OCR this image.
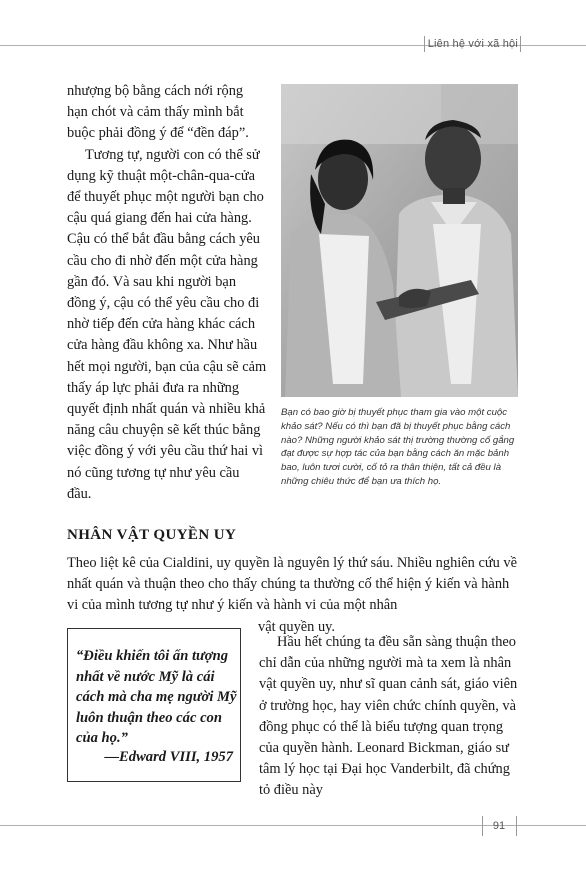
Liên hệ với xã hội

nhượng bộ bằng cách nới rộng hạn chót và cảm thấy mình bắt buộc phải đồng ý để “đền đáp”.

Tương tự, người con có thể sử dụng kỹ thuật một-chân-qua-cửa để thuyết phục một người bạn cho cậu quá giang đến hai cửa hàng. Cậu có thể bắt đầu bằng cách yêu cầu cho đi nhờ đến một cửa hàng gần đó. Và sau khi người bạn đồng ý, cậu có thể yêu cầu cho đi nhờ tiếp đến cửa hàng khác cách cửa hàng đầu không xa. Như hầu hết mọi người, bạn của cậu sẽ cảm thấy áp lực phải đưa ra những quyết định nhất quán và nhiều khả năng câu chuyện sẽ kết thúc bằng việc đồng ý với yêu cầu thứ hai vì nó cũng tương tự như yêu cầu đầu.

Bạn có bao giờ bị thuyết phục tham gia vào một cuộc khảo sát? Nếu có thì bạn đã bị thuyết phục bằng cách nào? Những người khảo sát thị trường thường cố gắng đạt được sự hợp tác của bạn bằng cách ăn mặc bảnh bao, luôn tươi cười, cố tỏ ra thân thiện, tất cả đều là những chiêu thức để bạn ưa thích họ.

NHÂN VẬT QUYỀN UY

Theo liệt kê của Cialdini, uy quyền là nguyên lý thứ sáu. Nhiều nghiên cứu về nhất quán và thuận theo cho thấy chúng ta thường cố thể hiện ý kiến và hành vi của mình tương tự như ý kiến và hành vi của một nhân
vật quyền uy.

“Điều khiến tôi ấn tượng nhất về nước Mỹ là cái cách mà cha mẹ người Mỹ luôn thuận theo các con của họ.”

—Edward VIII, 1957

Hầu hết chúng ta đều sẵn sàng thuận theo chỉ dẫn của những người mà ta xem là nhân vật quyền uy, như sĩ quan cảnh sát, giáo viên ở trường học, hay viên chức chính quyền, và đồng phục có thể là biểu tượng quan trọng của quyền hành. Leonard Bickman, giáo sư tâm lý học tại Đại học Vanderbilt, đã chứng tỏ điều này

91
